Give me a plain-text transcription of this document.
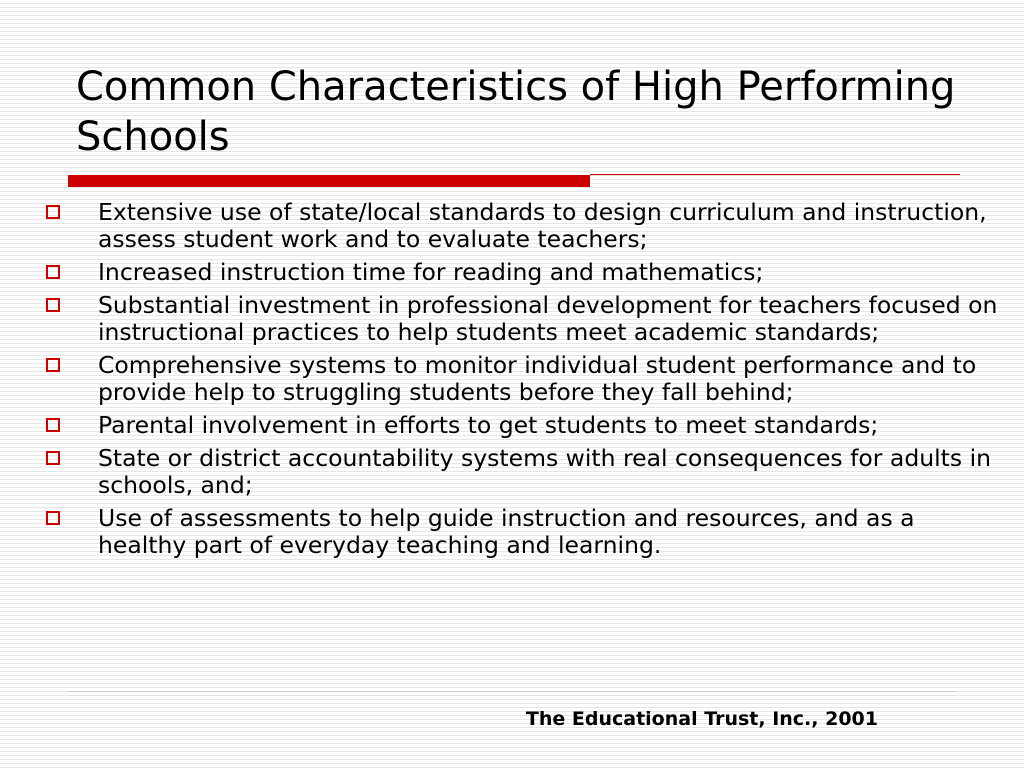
Common Characteristics of High Performing Schools
Extensive use of state/local standards to design curriculum and instruction, assess student work and to evaluate teachers;
Increased instruction time for reading and mathematics;
Substantial investment in professional development for teachers focused on instructional practices to help students meet academic standards;
Comprehensive systems to monitor individual student performance and to provide help to struggling students before they fall behind;
Parental involvement in efforts to get students to meet standards;
State or district accountability systems with real consequences for adults in schools, and;
Use of assessments to help guide instruction and resources, and as a healthy part of everyday teaching and learning.
The Educational Trust, Inc., 2001
